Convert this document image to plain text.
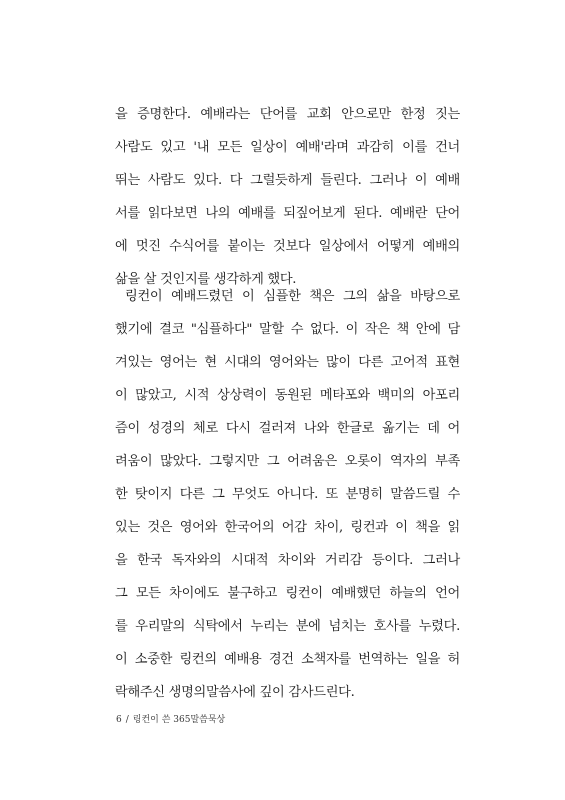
을 증명한다. 예배라는 단어를 교회 안으로만 한정 짓는
사람도 있고 '내 모든 일상이 예배'라며 과감히 이를 건너
뛰는 사람도 있다. 다 그럴듯하게 들린다. 그러나 이 예배
서를 읽다보면 나의 예배를 되짚어보게 된다. 예배란 단어
에 멋진 수식어를 붙이는 것보다 일상에서 어떻게 예배의
삶을 살 것인지를 생각하게 했다.

링컨이 예배드렸던 이 심플한 책은 그의 삶을 바탕으로
했기에 결코 "심플하다" 말할 수 없다. 이 작은 책 안에 담
겨있는 영어는 현 시대의 영어와는 많이 다른 고어적 표현
이 많았고, 시적 상상력이 동원된 메타포와 백미의 아포리
즘이 성경의 체로 다시 걸러져 나와 한글로 옮기는 데 어
려움이 많았다. 그렇지만 그 어려움은 오롯이 역자의 부족
한 탓이지 다른 그 무엇도 아니다. 또 분명히 말씀드릴 수
있는 것은 영어와 한국어의 어감 차이, 링컨과 이 책을 읽
을 한국 독자와의 시대적 차이와 거리감 등이다. 그러나
그 모든 차이에도 불구하고 링컨이 예배했던 하늘의 언어
를 우리말의 식탁에서 누리는 분에 넘치는 호사를 누렸다.
이 소중한 링컨의 예배용 경건 소책자를 번역하는 일을 허
락해주신 생명의말씀사에 깊이 감사드린다.

6 / 링컨이 쓴 365말씀묵상
